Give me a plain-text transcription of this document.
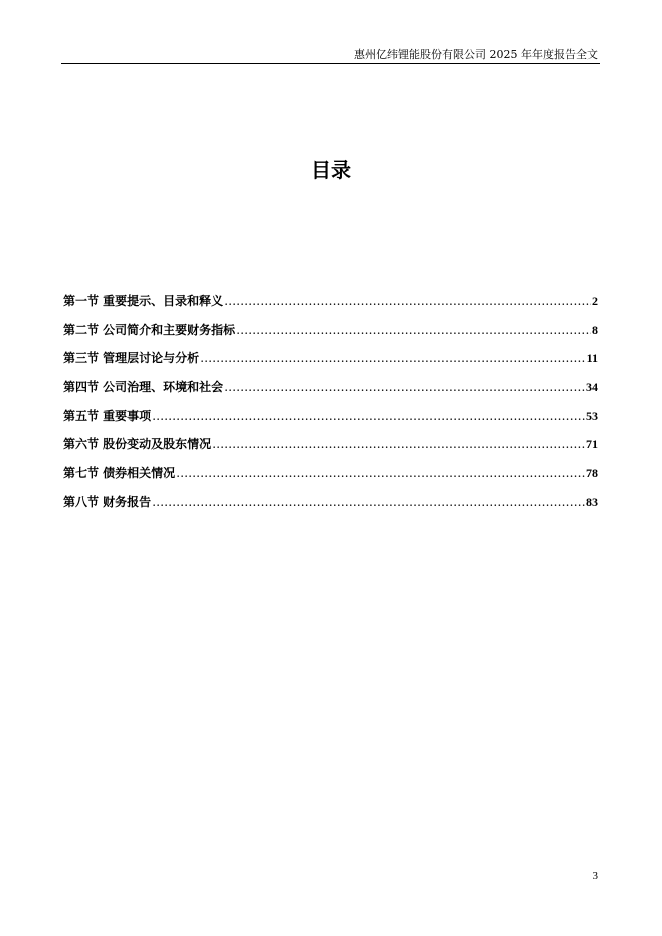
惠州亿纬锂能股份有限公司 2025 年年度报告全文
目录
第一节 重要提示、目录和释义 .....	2
第二节 公司简介和主要财务指标 .....	8
第三节 管理层讨论与分析 .....	11
第四节 公司治理、环境和社会 .....	34
第五节 重要事项 .....	53
第六节 股份变动及股东情况 .....	71
第七节 债券相关情况 .....	78
第八节 财务报告 .....	83
3
